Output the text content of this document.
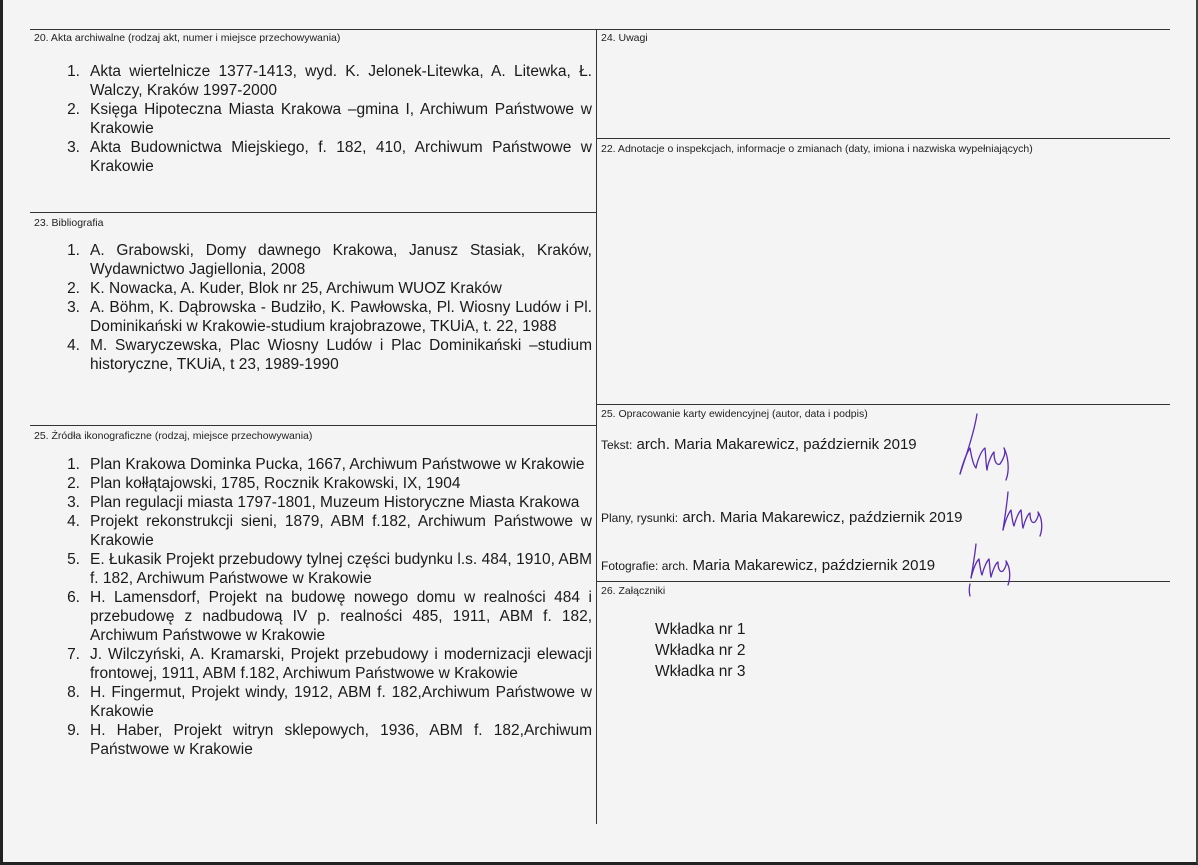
20. Akta archiwalne (rodzaj akt, numer i miejsce przechowywania)
1. Akta wiertelnicze 1377-1413, wyd. K. Jelonek-Litewka, A. Litewka, Ł. Walczy, Kraków 1997-2000
2. Księga Hipoteczna Miasta Krakowa –gmina I, Archiwum Państwowe w Krakowie
3. Akta Budownictwa Miejskiego, f. 182, 410, Archiwum Państwowe w Krakowie
23. Bibliografia
1. A. Grabowski, Domy dawnego Krakowa, Janusz Stasiak, Kraków, Wydawnictwo Jagiellonia, 2008
2. K. Nowacka, A. Kuder, Blok nr 25, Archiwum WUOZ Kraków
3. A. Böhm, K. Dąbrowska - Budziło, K. Pawłowska, Pl. Wiosny Ludów i Pl. Dominikański w Krakowie-studium krajobrazowe, TKUiA, t. 22, 1988
4. M. Swaryczewska, Plac Wiosny Ludów i Plac Dominikański –studium historyczne, TKUiA, t 23, 1989-1990
25. Źródła ikonograficzne (rodzaj, miejsce przechowywania)
1. Plan Krakowa Dominka Pucka, 1667, Archiwum Państwowe w Krakowie
2. Plan kołłątajowski, 1785, Rocznik Krakowski, IX, 1904
3. Plan regulacji miasta 1797-1801, Muzeum Historyczne Miasta Krakowa
4. Projekt rekonstrukcji sieni, 1879, ABM f.182, Archiwum Państwowe w Krakowie
5. E. Łukasik Projekt przebudowy tylnej części budynku l.s. 484, 1910, ABM f. 182, Archiwum Państwowe w Krakowie
6. H. Lamensdorf, Projekt na budowę nowego domu w realności 484 i przebudowę z nadbudową IV p. realności 485, 1911, ABM f. 182, Archiwum Państwowe w Krakowie
7. J. Wilczyński, A. Kramarski, Projekt przebudowy i modernizacji elewacji frontowej, 1911, ABM f.182, Archiwum Państwowe w Krakowie
8. H. Fingermut, Projekt windy, 1912, ABM f. 182,Archiwum Państwowe w Krakowie
9. H. Haber, Projekt witryn sklepowych, 1936, ABM f. 182,Archiwum Państwowe w Krakowie
24. Uwagi
22. Adnotacje o inspekcjach, informacje o zmianach (daty, imiona i nazwiska wypełniających)
25. Opracowanie karty ewidencyjnej (autor, data i podpis)
Tekst: arch. Maria Makarewicz, październik 2019
Plany, rysunki: arch. Maria Makarewicz, październik 2019
Fotografie: arch. Maria Makarewicz, październik 2019
26. Załączniki
Wkładka nr 1
Wkładka nr 2
Wkładka nr 3
